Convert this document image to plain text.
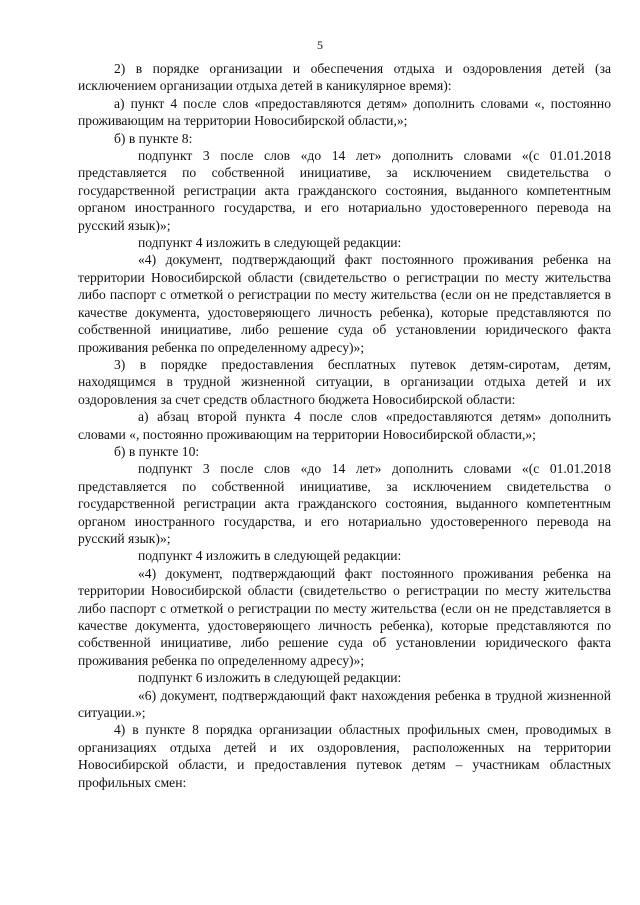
5

2) в порядке организации и обеспечения отдыха и оздоровления детей (за исключением организации отдыха детей в каникулярное время):

а) пункт 4 после слов «предоставляются детям» дополнить словами «, постоянно проживающим на территории Новосибирской области,»;

б) в пункте 8:

подпункт 3 после слов «до 14 лет» дополнить словами «(с 01.01.2018 представляется по собственной инициативе, за исключением свидетельства о государственной регистрации акта гражданского состояния, выданного компетентным органом иностранного государства, и его нотариально удостоверенного перевода на русский язык)»;

подпункт 4 изложить в следующей редакции:

«4) документ, подтверждающий факт постоянного проживания ребенка на территории Новосибирской области (свидетельство о регистрации по месту жительства либо паспорт с отметкой о регистрации по месту жительства (если он не представляется в качестве документа, удостоверяющего личность ребенка), которые представляются по собственной инициативе, либо решение суда об установлении юридического факта проживания ребенка по определенному адресу)»;

3) в порядке предоставления бесплатных путевок детям-сиротам, детям, находящимся в трудной жизненной ситуации, в организации отдыха детей и их оздоровления за счет средств областного бюджета Новосибирской области:

а) абзац второй пункта 4 после слов «предоставляются детям» дополнить словами «, постоянно проживающим на территории Новосибирской области,»;

б) в пункте 10:

подпункт 3 после слов «до 14 лет» дополнить словами «(с 01.01.2018 представляется по собственной инициативе, за исключением свидетельства о государственной регистрации акта гражданского состояния, выданного компетентным органом иностранного государства, и его нотариально удостоверенного перевода на русский язык)»;

подпункт 4 изложить в следующей редакции:

«4) документ, подтверждающий факт постоянного проживания ребенка на территории Новосибирской области (свидетельство о регистрации по месту жительства либо паспорт с отметкой о регистрации по месту жительства (если он не представляется в качестве документа, удостоверяющего личность ребенка), которые представляются по собственной инициативе, либо решение суда об установлении юридического факта проживания ребенка по определенному адресу)»;

подпункт 6 изложить в следующей редакции:

«6) документ, подтверждающий факт нахождения ребенка в трудной жизненной ситуации.»;

4) в пункте 8 порядка организации областных профильных смен, проводимых в организациях отдыха детей и их оздоровления, расположенных на территории Новосибирской области, и предоставления путевок детям – участникам областных профильных смен:
